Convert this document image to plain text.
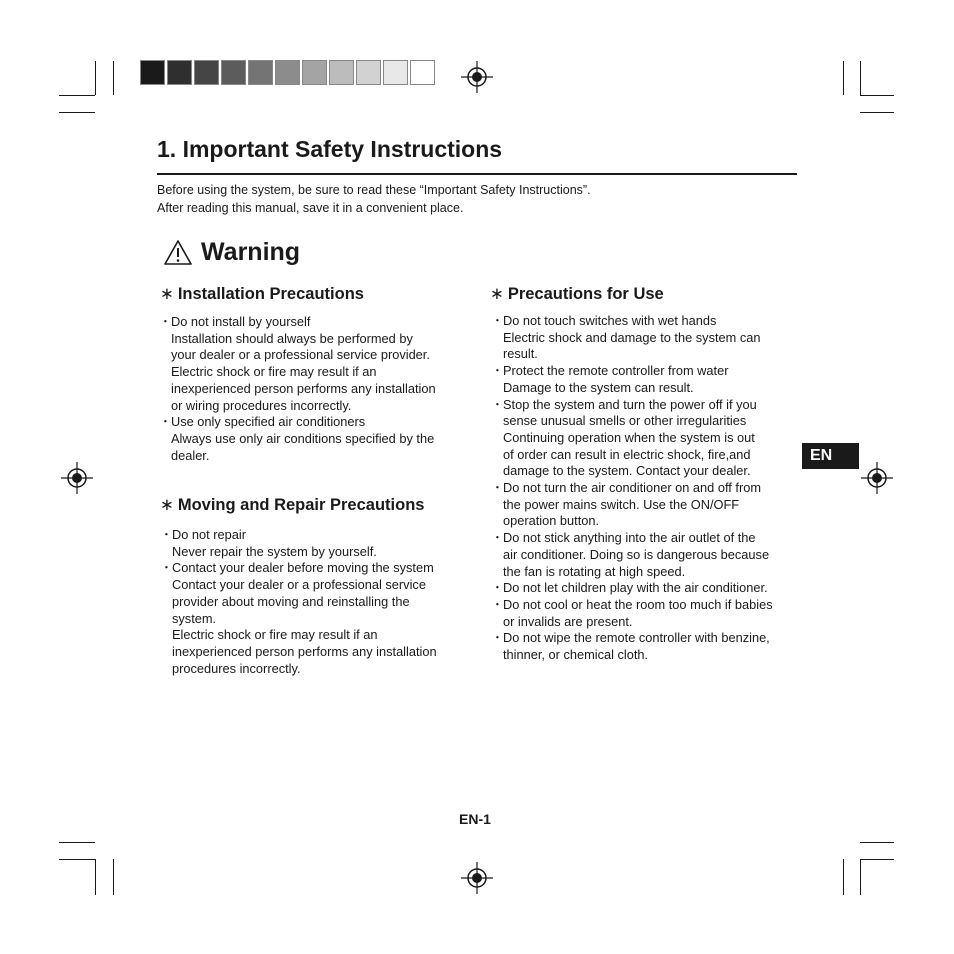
1. Important Safety Instructions
Before using the system, be sure to read these “Important Safety Instructions”.
After reading this manual, save it in a convenient place.
Warning
∗ Installation Precautions
・ Do not install by yourself
Installation should always be performed by
your dealer or a professional service provider.
Electric shock or fire may result if an
inexperienced person performs any installation
or wiring procedures incorrectly.
・ Use only specified air conditioners
Always use only air conditions specified by the
dealer.
∗ Moving and Repair Precautions
・ Do not repair
Never repair the system by yourself.
・ Contact your dealer before moving the system
Contact your dealer or a professional service
provider about moving and reinstalling the
system.
Electric shock or fire may result if an
inexperienced person performs any installation
procedures incorrectly.
∗ Precautions for Use
・ Do not touch switches with wet hands
Electric shock and damage to the system can
result.
・ Protect the remote controller from water
Damage to the system can result.
・ Stop the system and turn the power off if you
sense unusual smells or other irregularities
Continuing operation when the system is out
of order can result in electric shock, fire,and
damage to the system. Contact your dealer.
・ Do not turn the air conditioner on and off from
the power mains switch. Use the ON/OFF
operation button.
・ Do not stick anything into the air outlet of the
air conditioner. Doing so is dangerous because
the fan is rotating at high speed.
・ Do not let children play with the air conditioner.
・ Do not cool or heat the room too much if babies
or invalids are present.
・ Do not wipe the remote controller with benzine,
thinner, or chemical cloth.
EN
EN-1
